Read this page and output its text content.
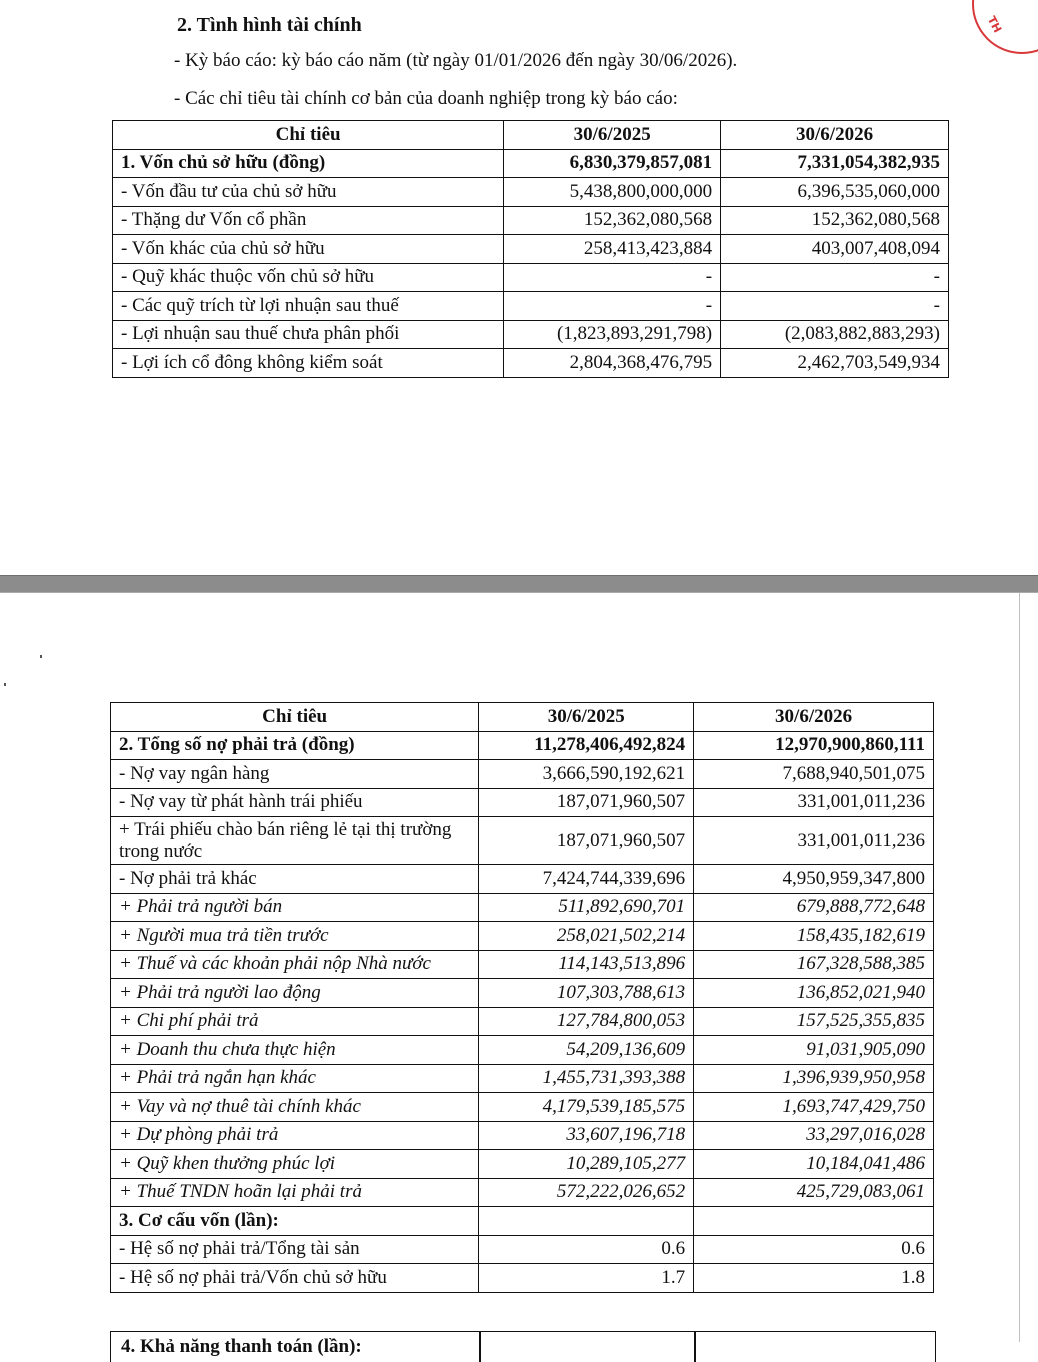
TH
2. Tình hình tài chính
- Kỳ báo cáo: kỳ báo cáo năm (từ ngày 01/01/2026 đến ngày 30/06/2026).
- Các chỉ tiêu tài chính cơ bản của doanh nghiệp trong kỳ báo cáo:
Chỉ tiêu	30/6/2025	30/6/2026
1. Vốn chủ sở hữu (đồng)	6,830,379,857,081	7,331,054,382,935
- Vốn đầu tư của chủ sở hữu	5,438,800,000,000	6,396,535,060,000
- Thặng dư Vốn cổ phần	152,362,080,568	152,362,080,568
- Vốn khác của chủ sở hữu	258,413,423,884	403,007,408,094
- Quỹ khác thuộc vốn chủ sở hữu	-	-
- Các quỹ trích từ lợi nhuận sau thuế	-	-
- Lợi nhuận sau thuế chưa phân phối	(1,823,893,291,798)	(2,083,882,883,293)
- Lợi ích cổ đông không kiểm soát	2,804,368,476,795	2,462,703,549,934
Chỉ tiêu	30/6/2025	30/6/2026
2. Tổng số nợ phải trả (đồng)	11,278,406,492,824	12,970,900,860,111
- Nợ vay ngân hàng	3,666,590,192,621	7,688,940,501,075
- Nợ vay từ phát hành trái phiếu	187,071,960,507	331,001,011,236
+ Trái phiếu chào bán riêng lẻ tại thị trường trong nước	187,071,960,507	331,001,011,236
- Nợ phải trả khác	7,424,744,339,696	4,950,959,347,800
+ Phải trả người bán	511,892,690,701	679,888,772,648
+ Người mua trả tiền trước	258,021,502,214	158,435,182,619
+ Thuế và các khoản phải nộp Nhà nước	114,143,513,896	167,328,588,385
+ Phải trả người lao động	107,303,788,613	136,852,021,940
+ Chi phí phải trả	127,784,800,053	157,525,355,835
+ Doanh thu chưa thực hiện	54,209,136,609	91,031,905,090
+ Phải trả ngắn hạn khác	1,455,731,393,388	1,396,939,950,958
+ Vay và nợ thuê tài chính khác	4,179,539,185,575	1,693,747,429,750
+ Dự phòng phải trả	33,607,196,718	33,297,016,028
+ Quỹ khen thưởng phúc lợi	10,289,105,277	10,184,041,486
+ Thuế TNDN hoãn lại phải trả	572,222,026,652	425,729,083,061
3. Cơ cấu vốn (lần):		
- Hệ số nợ phải trả/Tổng tài sản	0.6	0.6
- Hệ số nợ phải trả/Vốn chủ sở hữu	1.7	1.8
4. Khả năng thanh toán (lần):
